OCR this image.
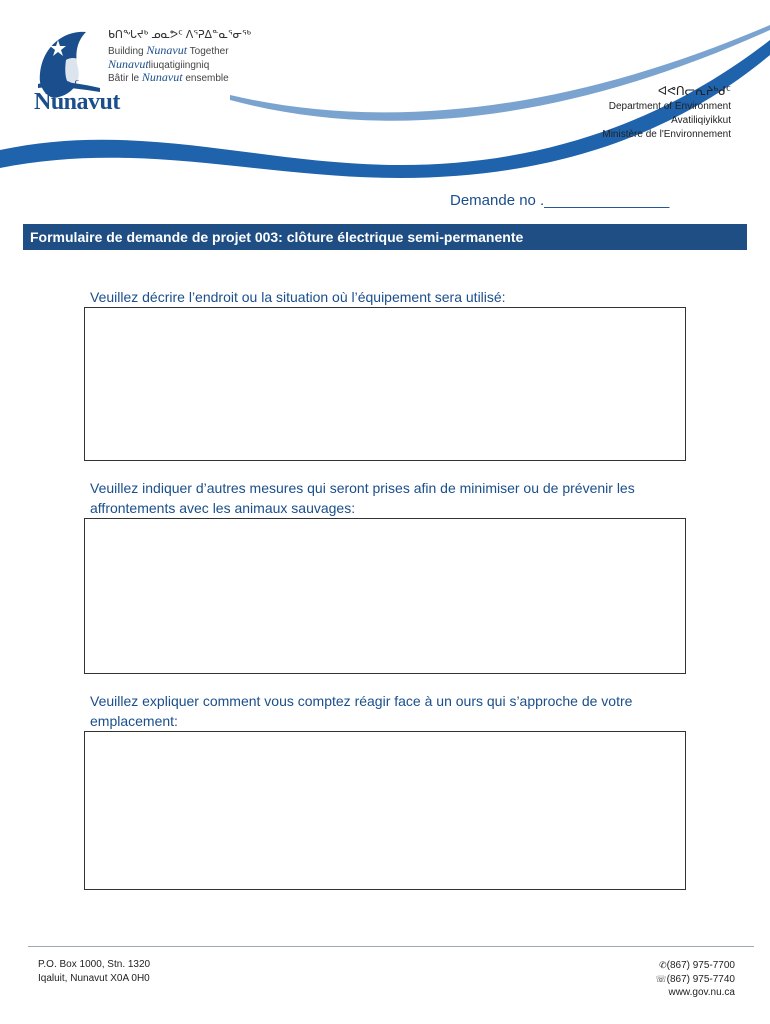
ᓄᓇᕗᑦ
Nunavut
ᑲᑎᖓᔪᒃ ᓄᓇᕗᑦ ᐱᕐᕈᐃᓐᓇᕐᓂᖅ
Building Nunavut Together
Nunavutliuqatigiingniq
Bâtir le Nunavut ensemble
ᐊᕙᑎᓕᕆᔨᒃᑯᑦ
Department of Environment
Avatiliqiyikkut
Ministère de l'Environnement
Demande no ._______________
Formulaire de demande de projet 003: clôture électrique semi-permanente
Veuillez décrire l’endroit ou la situation où l’équipement sera utilisé:
Veuillez indiquer d’autres mesures qui seront prises afin de minimiser ou de prévenir les affrontements avec les animaux sauvages:
Veuillez expliquer comment vous comptez réagir face à un ours qui s’approche de votre emplacement:
P.O. Box 1000, Stn. 1320
Iqaluit, Nunavut X0A 0H0
✆(867) 975-7700
☏(867) 975-7740
www.gov.nu.ca
